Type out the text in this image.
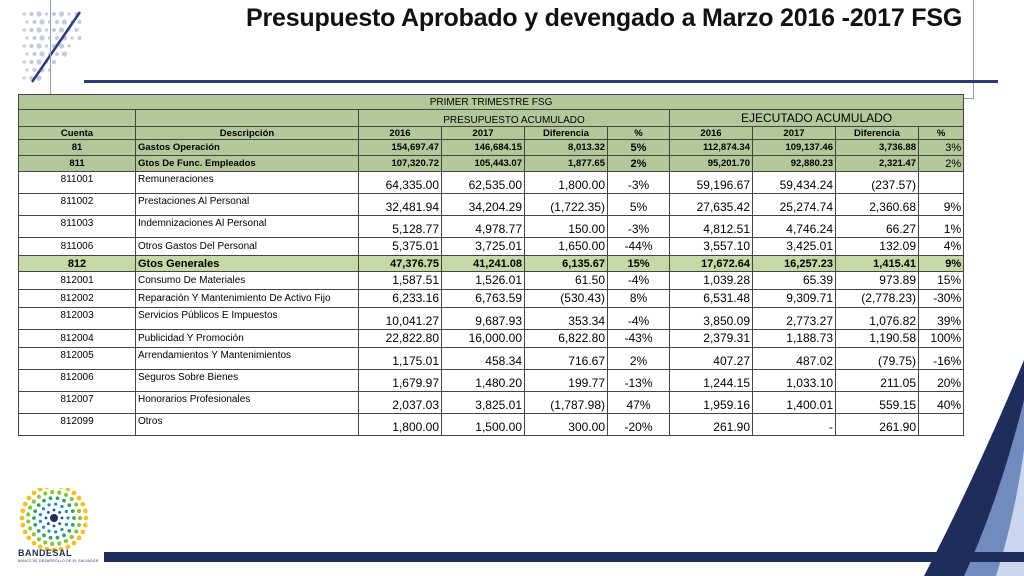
Presupuesto Aprobado y devengado a Marzo 2016 -2017 FSG
PRIMER TRIMESTRE FSG									
		PRESUPUESTO ACUMULADO				EJECUTADO ACUMULADO			
Cuenta	Descripción	2016	2017	Diferencia	%	2016	2017	Diferencia	%
81	Gastos Operación	154,697.47	146,684.15	8,013.32	5%	112,874.34	109,137.46	3,736.88	3%
811	Gtos De Func. Empleados	107,320.72	105,443.07	1,877.65	2%	95,201.70	92,880.23	2,321.47	2%
811001	Remuneraciones	64,335.00	62,535.00	1,800.00	-3%	59,196.67	59,434.24	(237.57)	
811002	Prestaciones Al Personal	32,481.94	34,204.29	(1,722.35)	5%	27,635.42	25,274.74	2,360.68	9%
811003	Indemnizaciones Al Personal	5,128.77	4,978.77	150.00	-3%	4,812.51	4,746.24	66.27	1%
811006	Otros Gastos Del Personal	5,375.01	3,725.01	1,650.00	-44%	3,557.10	3,425.01	132.09	4%
812	Gtos Generales	47,376.75	41,241.08	6,135.67	15%	17,672.64	16,257.23	1,415.41	9%
812001	Consumo De Materiales	1,587.51	1,526.01	61.50	-4%	1,039.28	65.39	973.89	15%
812002	Reparación Y Mantenimiento De Activo Fijo	6,233.16	6,763.59	(530.43)	8%	6,531.48	9,309.71	(2,778.23)	-30%
812003	Servicios Públicos E Impuestos	10,041.27	9,687.93	353.34	-4%	3,850.09	2,773.27	1,076.82	39%
812004	Publicidad Y Promoción	22,822.80	16,000.00	6,822.80	-43%	2,379.31	1,188.73	1,190.58	100%
812005	Arrendamientos Y Mantenimientos	1,175.01	458.34	716.67	2%	407.27	487.02	(79.75)	-16%
812006	Seguros Sobre Bienes	1,679.97	1,480.20	199.77	-13%	1,244.15	1,033.10	211.05	20%
812007	Honorarios Profesionales	2,037.03	3,825.01	(1,787.98)	47%	1,959.16	1,400.01	559.15	40%
812099	Otros	1,800.00	1,500.00	300.00	-20%	261.90	-	261.90	
BANDESAL
BANCO DE DESARROLLO DE EL SALVADOR
